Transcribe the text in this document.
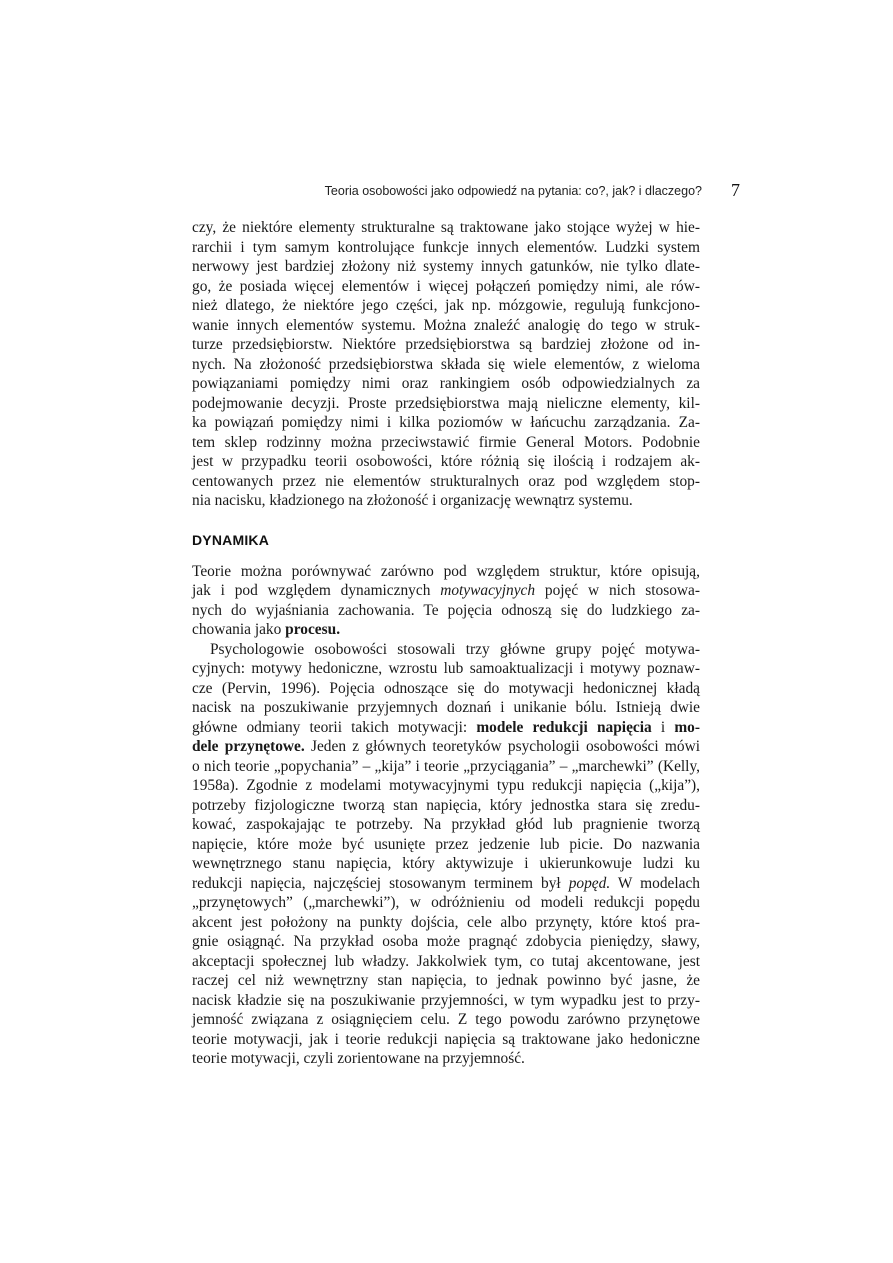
Teoria osobowości jako odpowiedź na pytania: co?, jak? i dlaczego? 7
czy, że niektóre elementy strukturalne są traktowane jako stojące wyżej w hie-
rarchii i tym samym kontrolujące funkcje innych elementów. Ludzki system
nerwowy jest bardziej złożony niż systemy innych gatunków, nie tylko dlate-
go, że posiada więcej elementów i więcej połączeń pomiędzy nimi, ale rów-
nież dlatego, że niektóre jego części, jak np. mózgowie, regulują funkcjono-
wanie innych elementów systemu. Można znaleźć analogię do tego w struk-
turze przedsiębiorstw. Niektóre przedsiębiorstwa są bardziej złożone od in-
nych. Na złożoność przedsiębiorstwa składa się wiele elementów, z wieloma
powiązaniami pomiędzy nimi oraz rankingiem osób odpowiedzialnych za
podejmowanie decyzji. Proste przedsiębiorstwa mają nieliczne elementy, kil-
ka powiązań pomiędzy nimi i kilka poziomów w łańcuchu zarządzania. Za-
tem sklep rodzinny można przeciwstawić firmie General Motors. Podobnie
jest w przypadku teorii osobowości, które różnią się ilością i rodzajem ak-
centowanych przez nie elementów strukturalnych oraz pod względem stop-
nia nacisku, kładzionego na złożoność i organizację wewnątrz systemu.
DYNAMIKA
Teorie można porównywać zarówno pod względem struktur, które opisują,
jak i pod względem dynamicznych motywacyjnych pojęć w nich stosowa-
nych do wyjaśniania zachowania. Te pojęcia odnoszą się do ludzkiego za-
chowania jako procesu.
Psychologowie osobowości stosowali trzy główne grupy pojęć motywa-
cyjnych: motywy hedoniczne, wzrostu lub samoaktualizacji i motywy poznaw-
cze (Pervin, 1996). Pojęcia odnoszące się do motywacji hedonicznej kładą
nacisk na poszukiwanie przyjemnych doznań i unikanie bólu. Istnieją dwie
główne odmiany teorii takich motywacji: modele redukcji napięcia i mo-
dele przynętowe. Jeden z głównych teoretyków psychologii osobowości mówi
o nich teorie „popychania” – „kija” i teorie „przyciągania” – „marchewki” (Kelly,
1958a). Zgodnie z modelami motywacyjnymi typu redukcji napięcia („kija”),
potrzeby fizjologiczne tworzą stan napięcia, który jednostka stara się zredu-
kować, zaspokajając te potrzeby. Na przykład głód lub pragnienie tworzą
napięcie, które może być usunięte przez jedzenie lub picie. Do nazwania
wewnętrznego stanu napięcia, który aktywizuje i ukierunkowuje ludzi ku
redukcji napięcia, najczęściej stosowanym terminem był popęd. W modelach
„przynętowych” („marchewki”), w odróżnieniu od modeli redukcji popędu
akcent jest położony na punkty dojścia, cele albo przynęty, które ktoś pra-
gnie osiągnąć. Na przykład osoba może pragnąć zdobycia pieniędzy, sławy,
akceptacji społecznej lub władzy. Jakkolwiek tym, co tutaj akcentowane, jest
raczej cel niż wewnętrzny stan napięcia, to jednak powinno być jasne, że
nacisk kładzie się na poszukiwanie przyjemności, w tym wypadku jest to przy-
jemność związana z osiągnięciem celu. Z tego powodu zarówno przynętowe
teorie motywacji, jak i teorie redukcji napięcia są traktowane jako hedoniczne
teorie motywacji, czyli zorientowane na przyjemność.
